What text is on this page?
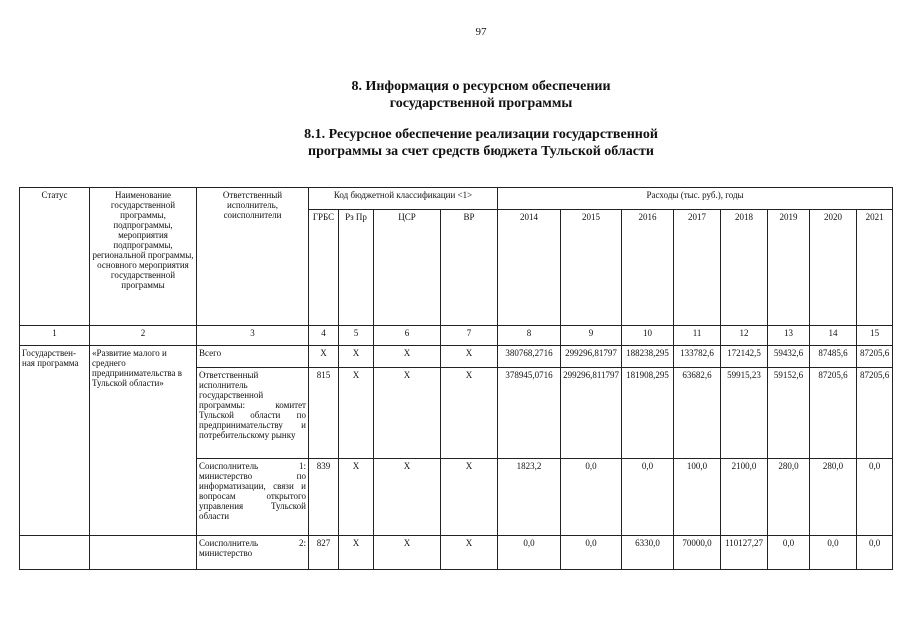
97
8. Информация о ресурсном обеспечении
государственной программы
8.1. Ресурсное обеспечение реализации государственной
программы за счет средств бюджета Тульской области
Статус	Наименование государственной программы, подпрограммы, мероприятия подпрограммы, региональной программы, основного мероприятия государственной программы	Ответственный исполнитель, соисполнители	Код бюджетной классификации <1>				Расходы (тыс. руб.), годы							
			ГРБС	Рз Пр	ЦСР	ВР	2014	2015	2016	2017	2018	2019	2020	2021
1	2	3	4	5	6	7	8	9	10	11	12	13	14	15
Государствен-ная программа	«Развитие малого и среднего предпринимательства в Тульской области»	Всего	X	X	X	X	380768,2716	299296,81797	188238,295	133782,6	172142,5	59432,6	87485,6	87205,6
		Ответственный исполнитель государственной программы: комитет Тульской области по предпринимательству и потребительскому рынку	815	X	X	X	378945,0716	299296,811797	181908,295	63682,6	59915,23	59152,6	87205,6	87205,6
		Соисполнитель 1: министерство по информатизации, связи и вопросам открытого управления Тульской области	839	X	X	X	1823,2	0,0	0,0	100,0	2100,0	280,0	280,0	0,0
		Соисполнитель 2: министерство	827	X	X	X	0,0	0,0	6330,0	70000,0	110127,27	0,0	0,0	0,0
